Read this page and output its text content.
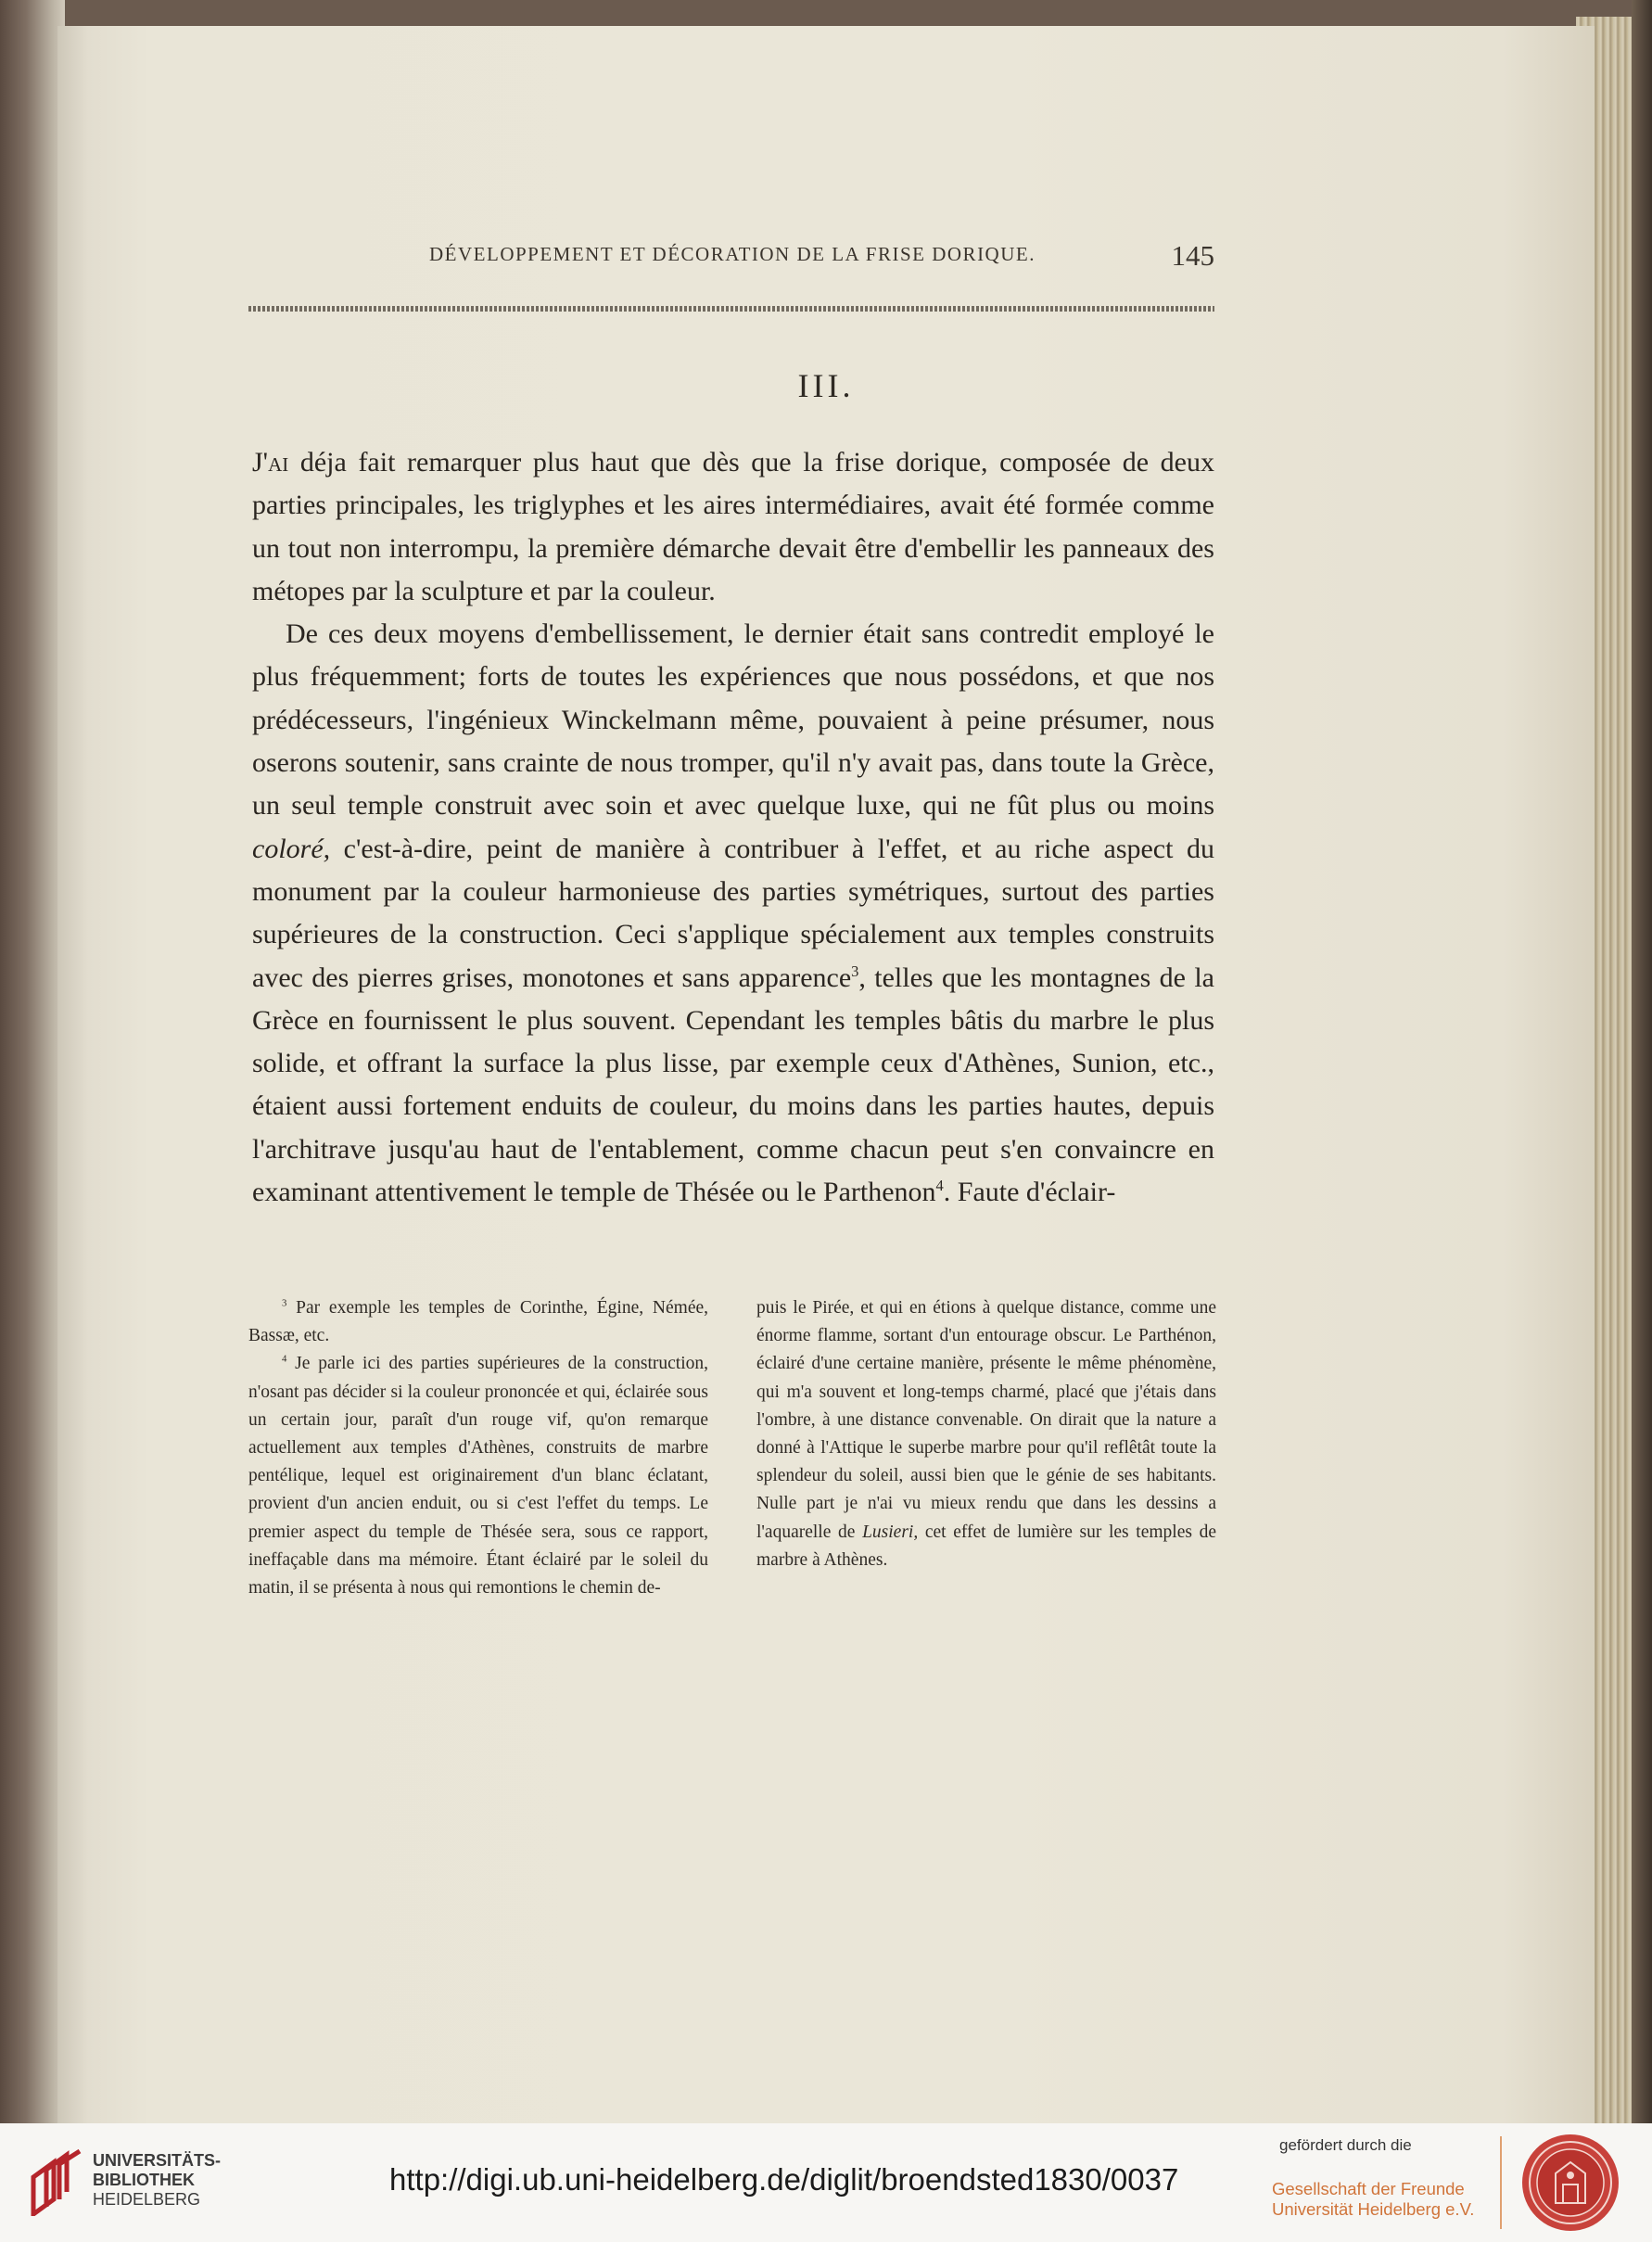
DÉVELOPPEMENT ET DÉCORATION DE LA FRISE DORIQUE.	145
III.

J'ai déja fait remarquer plus haut que dès que la frise dorique, composée de deux parties principales, les triglyphes et les aires intermédiaires, avait été formée comme un tout non interrompu, la première démarche devait être d'embellir les panneaux des métopes par la sculpture et par la couleur.

De ces deux moyens d'embellissement, le dernier était sans contredit employé le plus fréquemment; forts de toutes les expériences que nous possédons, et que nos prédécesseurs, l'ingénieux Winckelmann même, pouvaient à peine présumer, nous oserons soutenir, sans crainte de nous tromper, qu'il n'y avait pas, dans toute la Grèce, un seul temple construit avec soin et avec quelque luxe, qui ne fût plus ou moins coloré, c'est-à-dire, peint de manière à contribuer à l'effet, et au riche aspect du monument par la couleur harmonieuse des parties symétriques, surtout des parties supérieures de la construction. Ceci s'applique spécialement aux temples construits avec des pierres grises, monotones et sans apparence$^3$, telles que les montagnes de la Grèce en fournissent le plus souvent. Cependant les temples bâtis du marbre le plus solide, et offrant la surface la plus lisse, par exemple ceux d'Athènes, Sunion, etc., étaient aussi fortement enduits de couleur, du moins dans les parties hautes, depuis l'architrave jusqu'au haut de l'entablement, comme chacun peut s'en convaincre en examinant attentivement le temple de Thésée ou le Parthenon$^4$. Faute d'éclair-

$^3$ Par exemple les temples de Corinthe, Égine, Némée, Bassæ, etc.

$^4$ Je parle ici des parties supérieures de la construction, n'osant pas décider si la couleur prononcée et qui, éclairée sous un certain jour, paraît d'un rouge vif, qu'on remarque actuellement aux temples d'Athènes, construits de marbre pentélique, lequel est originairement d'un blanc éclatant, provient d'un ancien enduit, ou si c'est l'effet du temps. Le premier aspect du temple de Thésée sera, sous ce rapport, ineffaçable dans ma mémoire. Étant éclairé par le soleil du matin, il se présenta à nous qui remontions le chemin de-

puis le Pirée, et qui en étions à quelque distance, comme une énorme flamme, sortant d'un entourage obscur. Le Parthénon, éclairé d'une certaine manière, présente le même phénomène, qui m'a souvent et long-temps charmé, placé que j'étais dans l'ombre, à une distance convenable. On dirait que la nature a donné à l'Attique le superbe marbre pour qu'il reflêtât toute la splendeur du soleil, aussi bien que le génie de ses habitants. Nulle part je n'ai vu mieux rendu que dans les dessins a l'aquarelle de Lusieri, cet effet de lumière sur les temples de marbre à Athènes.

UNIVERSITÄTS-
BIBLIOTHEK
HEIDELBERG
http://digi.ub.uni-heidelberg.de/diglit/broendsted1830/0037
gefördert durch die
Gesellschaft der Freunde
Universität Heidelberg e.V.
